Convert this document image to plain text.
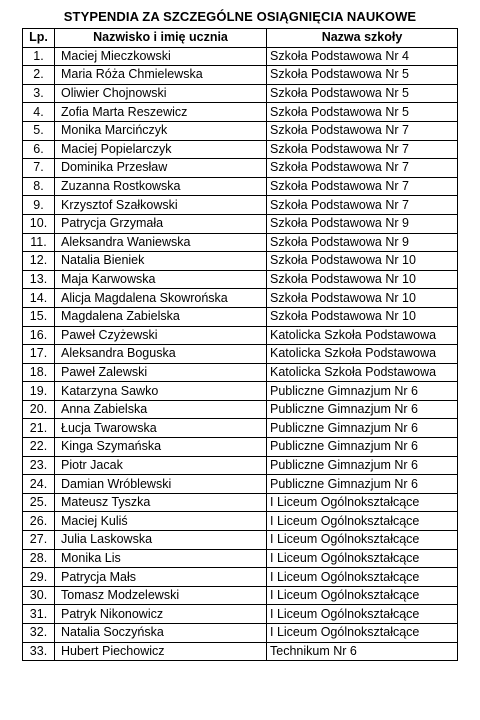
STYPENDIA ZA SZCZEGÓLNE OSIĄGNIĘCIA NAUKOWE
Lp.	Nazwisko i imię ucznia	Nazwa szkoły
1.	Maciej Mieczkowski	Szkoła Podstawowa Nr 4
2.	Maria Róża Chmielewska	Szkoła Podstawowa Nr 5
3.	Oliwier Chojnowski	Szkoła Podstawowa Nr 5
4.	Zofia Marta Reszewicz	Szkoła Podstawowa Nr 5
5.	Monika Marcińczyk	Szkoła Podstawowa Nr 7
6.	Maciej Popielarczyk	Szkoła Podstawowa Nr 7
7.	Dominika Przesław	Szkoła Podstawowa Nr 7
8.	Zuzanna Rostkowska	Szkoła Podstawowa Nr 7
9.	Krzysztof Szałkowski	Szkoła Podstawowa Nr 7
10.	Patrycja Grzymała	Szkoła Podstawowa Nr 9
11.	Aleksandra Waniewska	Szkoła Podstawowa Nr 9
12.	Natalia Bieniek	Szkoła Podstawowa Nr 10
13.	Maja Karwowska	Szkoła Podstawowa Nr 10
14.	Alicja Magdalena Skowrońska	Szkoła Podstawowa Nr 10
15.	Magdalena Zabielska	Szkoła Podstawowa Nr 10
16.	Paweł Czyżewski	Katolicka Szkoła Podstawowa
17.	Aleksandra Boguska	Katolicka Szkoła Podstawowa
18.	Paweł Zalewski	Katolicka Szkoła Podstawowa
19.	Katarzyna Sawko	Publiczne Gimnazjum Nr 6
20.	Anna Zabielska	Publiczne Gimnazjum Nr 6
21.	Łucja Twarowska	Publiczne Gimnazjum Nr 6
22.	Kinga Szymańska	Publiczne Gimnazjum Nr 6
23.	Piotr Jacak	Publiczne Gimnazjum Nr 6
24.	Damian Wróblewski	Publiczne Gimnazjum Nr 6
25.	Mateusz Tyszka	I Liceum Ogólnokształcące
26.	Maciej Kuliś	I Liceum Ogólnokształcące
27.	Julia Laskowska	I Liceum Ogólnokształcące
28.	Monika Lis	I Liceum Ogólnokształcące
29.	Patrycja Małs	I Liceum Ogólnokształcące
30.	Tomasz Modzelewski	I Liceum Ogólnokształcące
31.	Patryk Nikonowicz	I Liceum Ogólnokształcące
32.	Natalia Soczyńska	I Liceum Ogólnokształcące
33.	Hubert Piechowicz	Technikum Nr 6
